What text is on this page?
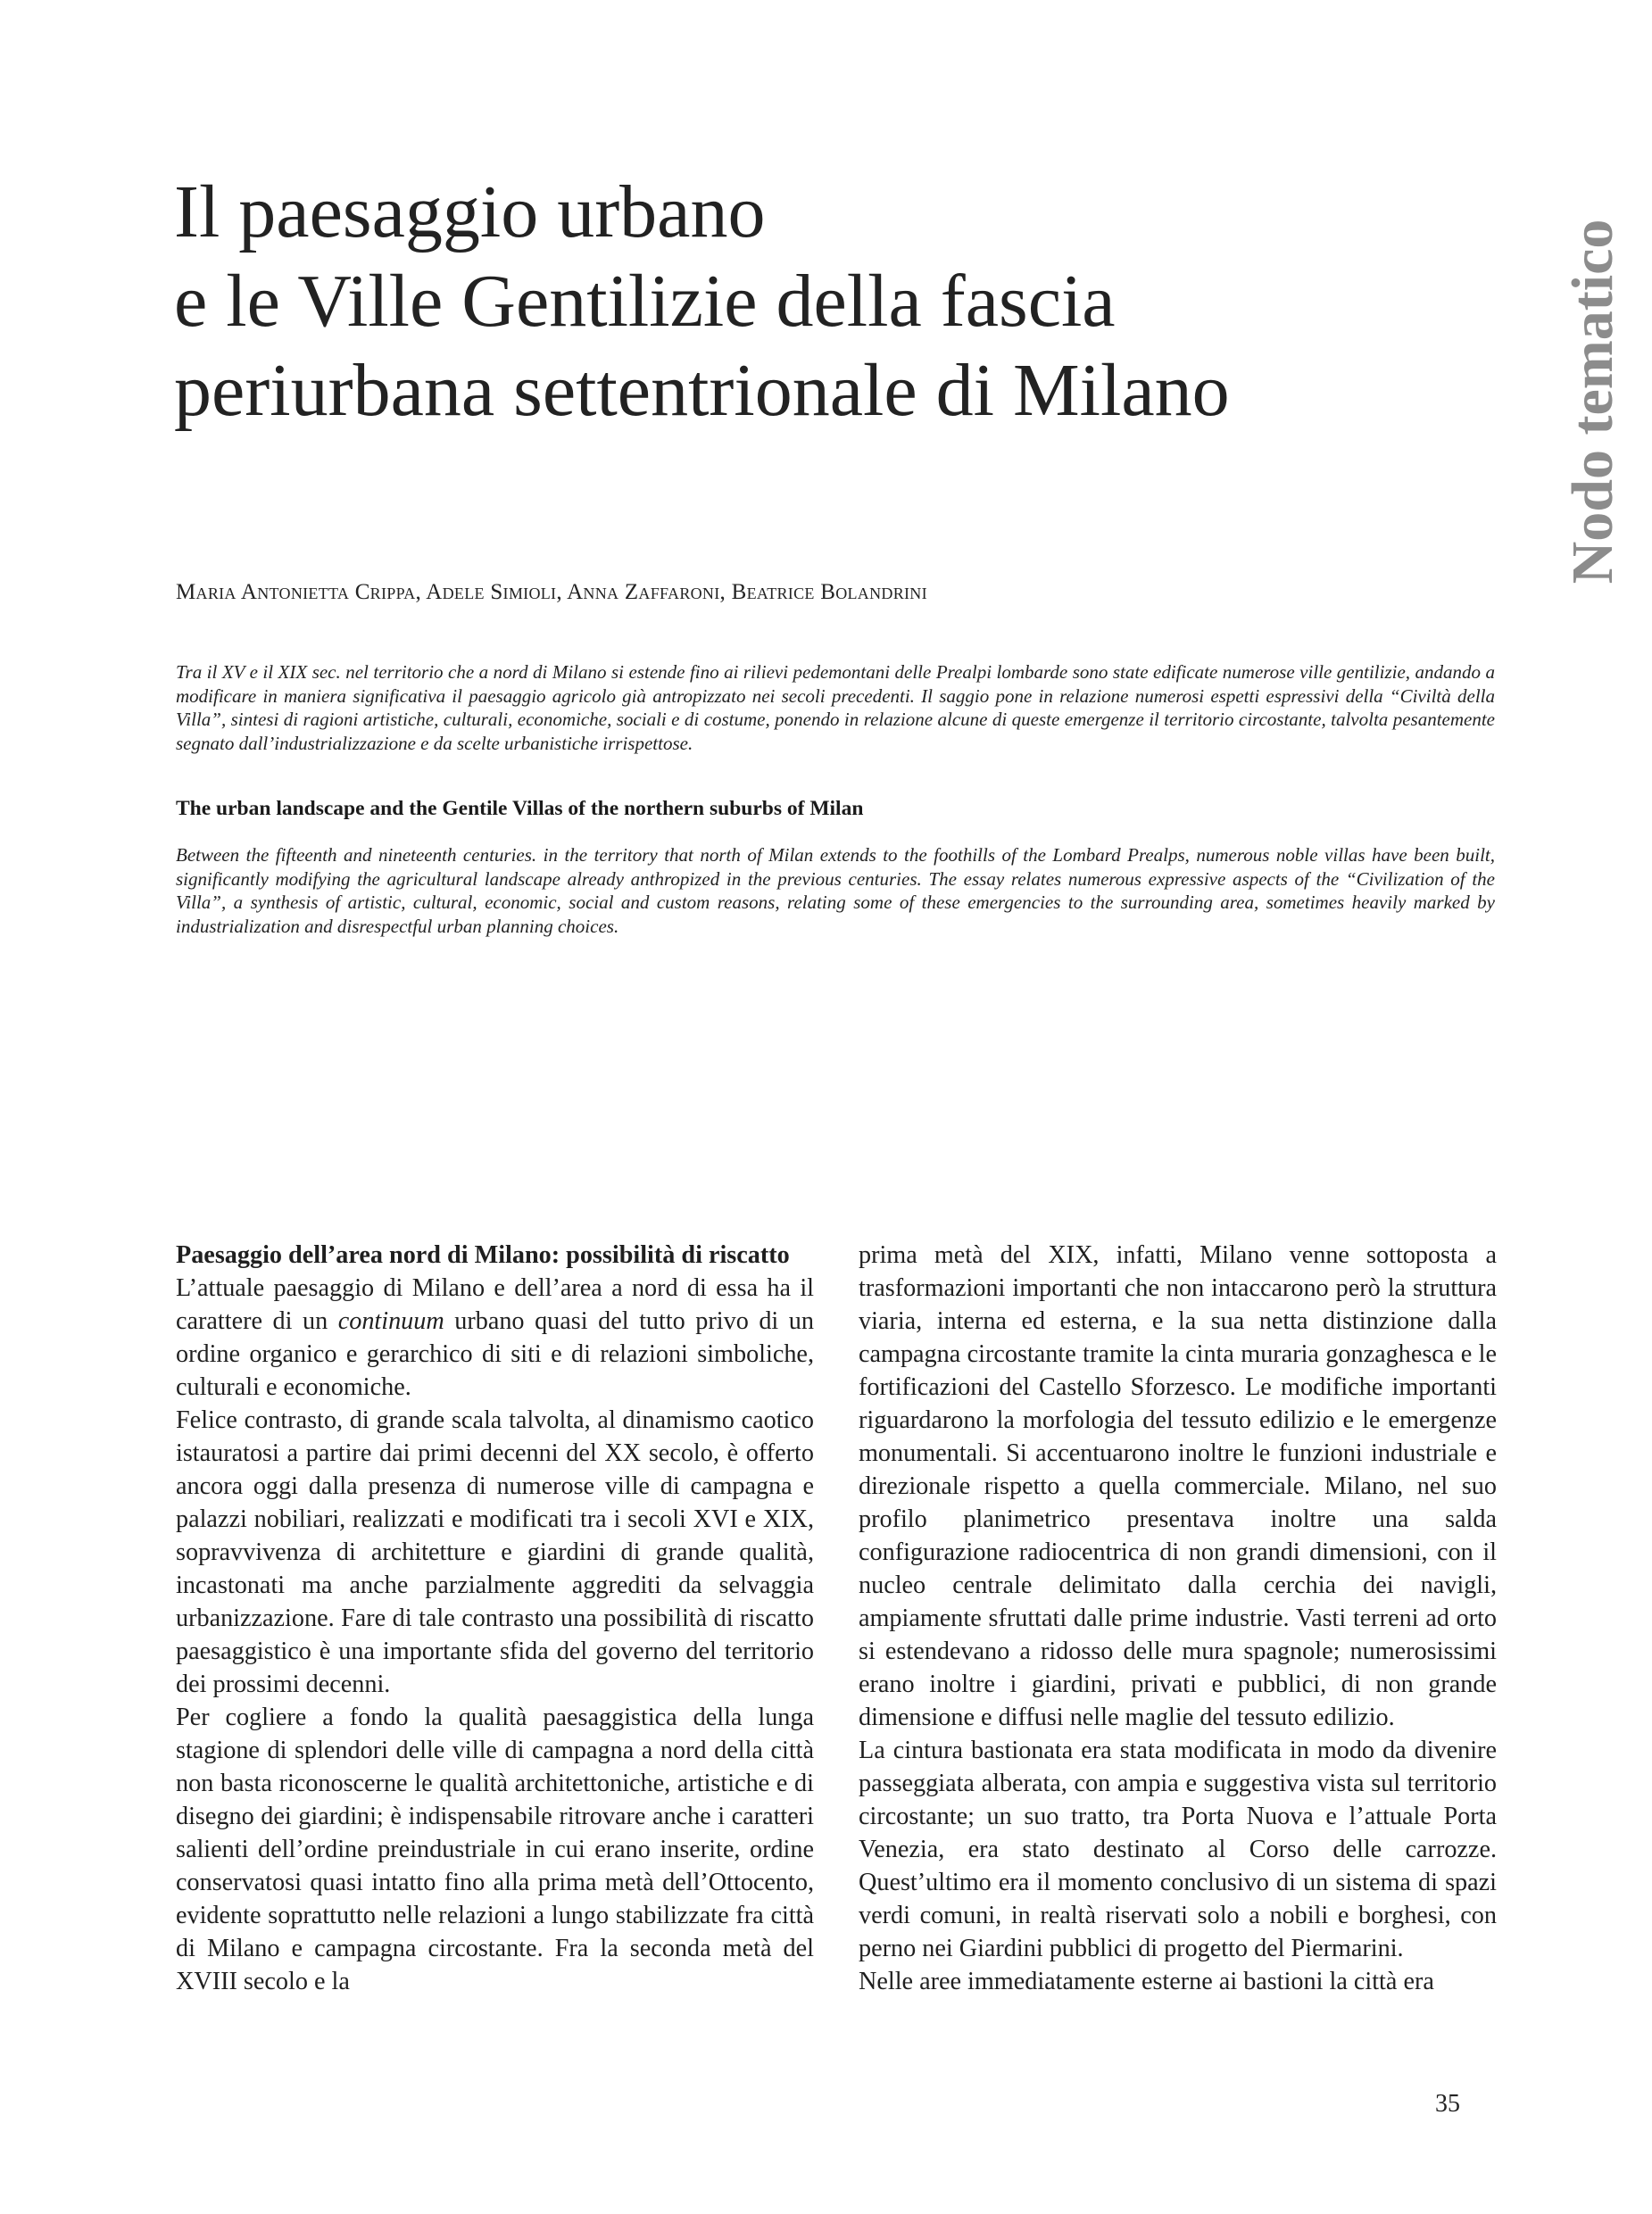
Il paesaggio urbano
e le Ville Gentilizie della fascia
periurbana settentrionale di Milano	Nodo tematico
Maria Antonietta Crippa, Adele Simioli, Anna Zaffaroni, Beatrice Bolandrini
Tra il XV e il XIX sec. nel territorio che a nord di Milano si estende fino ai rilievi pedemontani delle Prealpi lombarde sono state edificate numerose ville gentilizie, andando a modificare in maniera significativa il paesaggio agricolo già antropizzato nei secoli precedenti. Il saggio pone in relazione numerosi espetti espressivi della “Civiltà della Villa”, sintesi di ragioni artistiche, culturali, economiche, sociali e di costume, ponendo in relazione alcune di queste emergenze il territorio circostante, talvolta pesantemente segnato dall’industrializzazione e da scelte urbanistiche irrispettose.
The urban landscape and the Gentile Villas of the northern suburbs of Milan
Between the fifteenth and nineteenth centuries. in the territory that north of Milan extends to the foothills of the Lombard Prealps, numerous noble villas have been built, significantly modifying the agricultural landscape already anthropized in the previous centuries. The essay relates numerous expressive aspects of the “Civilization of the Villa”, a synthesis of artistic, cultural, economic, social and custom reasons, relating some of these emergencies to the surrounding area, sometimes heavily marked by industrialization and disrespectful urban planning choices.

Paesaggio dell’area nord di Milano: possibilità di riscatto

L’attuale paesaggio di Milano e dell’area a nord di essa ha il carattere di un continuum urbano quasi del tutto privo di un ordine organico e gerarchico di siti e di relazioni simboliche, culturali e economiche.

Felice contrasto, di grande scala talvolta, al dinamismo caotico istauratosi a partire dai primi decenni del XX secolo, è offerto ancora oggi dalla presenza di numerose ville di campagna e palazzi nobiliari, realizzati e modificati tra i secoli XVI e XIX, sopravvivenza di architetture e giardini di grande qualità, incastonati ma anche parzialmente aggrediti da selvaggia urbanizzazione. Fare di tale contrasto una possibilità di riscatto paesaggistico è una importante sfida del governo del territorio dei prossimi decenni.

Per cogliere a fondo la qualità paesaggistica della lunga stagione di splendori delle ville di campagna a nord della città non basta riconoscerne le qualità architettoniche, artistiche e di disegno dei giardini; è indispensabile ritrovare anche i caratteri salienti dell’ordine preindustriale in cui erano inserite, ordine conservatosi quasi intatto fino alla prima metà dell’Ottocento, evidente soprattutto nelle relazioni a lungo stabilizzate fra città di Milano e campagna circostante. Fra la seconda metà del XVIII secolo e la

prima metà del XIX, infatti, Milano venne sottoposta a trasformazioni importanti che non intaccarono però la struttura viaria, interna ed esterna, e la sua netta distinzione dalla campagna circostante tramite la cinta muraria gonzaghesca e le fortificazioni del Castello Sforzesco. Le modifiche importanti riguardarono la morfologia del tessuto edilizio e le emergenze monumentali. Si accentuarono inoltre le funzioni industriale e direzionale rispetto a quella commerciale. Milano, nel suo profilo planimetrico presentava inoltre una salda configurazione radiocentrica di non grandi dimensioni, con il nucleo centrale delimitato dalla cerchia dei navigli, ampiamente sfruttati dalle prime industrie. Vasti terreni ad orto si estendevano a ridosso delle mura spagnole; numerosissimi erano inoltre i giardini, privati e pubblici, di non grande dimensione e diffusi nelle maglie del tessuto edilizio.

La cintura bastionata era stata modificata in modo da divenire passeggiata alberata, con ampia e suggestiva vista sul territorio circostante; un suo tratto, tra Porta Nuova e l’attuale Porta Venezia, era stato destinato al Corso delle carrozze. Quest’ultimo era il momento conclusivo di un sistema di spazi verdi comuni, in realtà riservati solo a nobili e borghesi, con perno nei Giardini pubblici di progetto del Piermarini.

Nelle aree immediatamente esterne ai bastioni la città era

35
